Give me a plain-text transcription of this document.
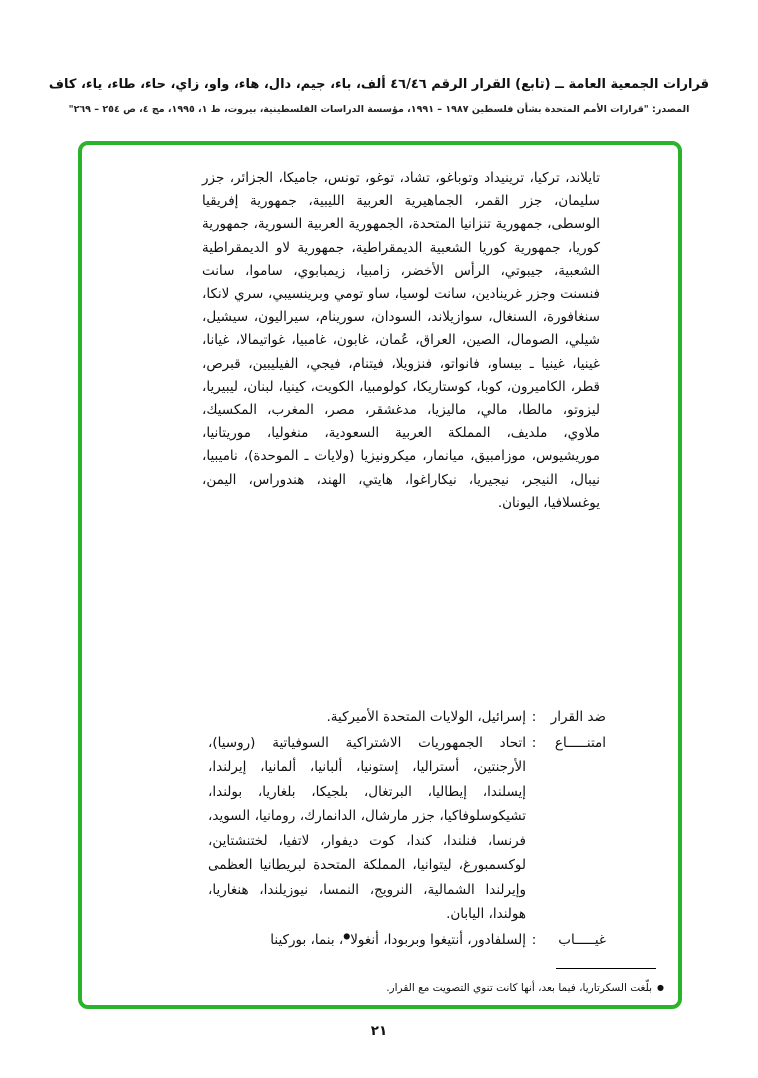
قرارات الجمعية العامة ــ (تابع) القرار الرقم ٤٦/٤٦ ألف، باء، جيم، دال، هاء، واو، زاي، حاء، طاء، ياء، كاف
المصدر: "قرارات الأمم المتحدة بشأن فلسطين ١٩٨٧ – ١٩٩١، مؤسسة الدراسات الفلسطينية، بيروت، ط ١، ١٩٩٥، مج ٤، ص ٢٥٤ – ٢٦٩"
تايلاند، تركيا، ترينيداد وتوباغو، تشاد، توغو، تونس، جاميكا، الجزائر، جزر سليمان، جزر القمر، الجماهيرية العربية الليبية، جمهورية إفريقيا الوسطى، جمهورية تنزانيا المتحدة، الجمهورية العربية السورية، جمهورية كوريا، جمهورية كوريا الشعبية الديمقراطية، جمهورية لاو الديمقراطية الشعبية، جيبوتي، الرأس الأخضر، زامبيا، زيمبابوي، ساموا، سانت فنسنت وجزر غرينادين، سانت لوسيا، ساو تومي وبرينسيبي، سري لانكا، سنغافورة، السنغال، سوازيلاند، السودان، سورينام، سيراليون، سيشيل، شيلي، الصومال، الصين، العراق، عُمان، غابون، غامبيا، غواتيمالا، غيانا، غينيا، غينيا ـ بيساو، فانواتو، فنزويلا، فيتنام، فيجي، الفيليبين، قبرص، قطر، الكاميرون، كوبا، كوستاريكا، كولومبيا، الكويت، كينيا، لبنان، ليبيريا، ليزوتو، مالطا، مالي، ماليزيا، مدغشقر، مصر، المغرب، المكسيك، ملاوي، ملديف، المملكة العربية السعودية، منغوليا، موريتانيا، موريشيوس، موزامبيق، ميانمار، ميكرونيزيا (ولايات ـ الموحدة)، ناميبيا، نيبال، النيجر، نيجيريا، نيكاراغوا، هايتي، الهند، هندوراس، اليمن، يوغسلافيا، اليونان.
ضد القرار
:
إسرائيل، الولايات المتحدة الأميركية.
امتنـــــاع
:
اتحاد الجمهوريات الاشتراكية السوفياتية (روسيا)، الأرجنتين، أستراليا، إستونيا، ألبانيا، ألمانيا، إيرلندا، إيسلندا، إيطاليا، البرتغال، بلجيكا، بلغاريا، بولندا، تشيكوسلوفاكيا، جزر مارشال، الدانمارك، رومانيا، السويد، فرنسا، فنلندا، كندا، كوت ديفوار، لاتفيا، لختنشتاين، لوكسمبورغ، ليتوانيا، المملكة المتحدة لبريطانيا العظمى وإيرلندا الشمالية، النرويج، النمسا، نيوزيلندا، هنغاريا، هولندا، اليابان.
غيـــــاب
:
إلسلفادور، أنتيغوا وبربودا، أنغولا●، بنما، بوركينا
●بلّغت السكرتاريا، فيما بعد، أنها كانت تنوي التصويت مع القرار.
٢١
